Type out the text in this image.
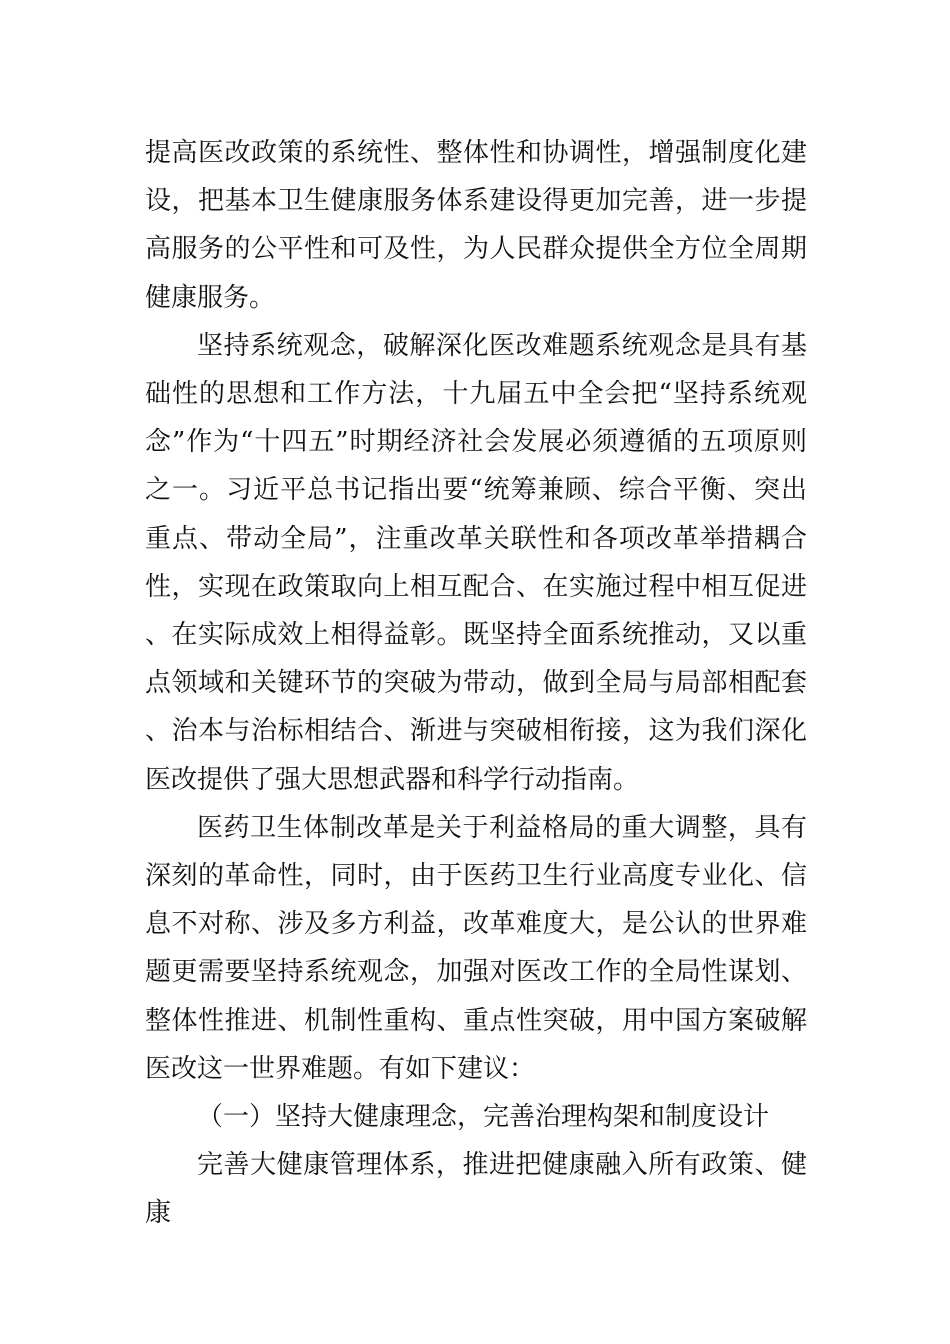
提高医改政策的系统性、整体性和协调性，增强制度化建设，把基本卫生健康服务体系建设得更加完善，进一步提高服务的公平性和可及性，为人民群众提供全方位全周期健康服务。

坚持系统观念，破解深化医改难题系统观念是具有基础性的思想和工作方法，十九届五中全会把“坚持系统观念”作为“十四五”时期经济社会发展必须遵循的五项原则之一。习近平总书记指出要“统筹兼顾、综合平衡、突出重点、带动全局”，注重改革关联性和各项改革举措耦合性，实现在政策取向上相互配合、在实施过程中相互促进、在实际成效上相得益彰。既坚持全面系统推动，又以重点领域和关键环节的突破为带动，做到全局与局部相配套、治本与治标相结合、渐进与突破相衔接，这为我们深化医改提供了强大思想武器和科学行动指南。

医药卫生体制改革是关于利益格局的重大调整，具有深刻的革命性，同时，由于医药卫生行业高度专业化、信息不对称、涉及多方利益，改革难度大，是公认的世界难题更需要坚持系统观念，加强对医改工作的全局性谋划、整体性推进、机制性重构、重点性突破，用中国方案破解医改这一世界难题。有如下建议：

（一）坚持大健康理念，完善治理构架和制度设计

完善大健康管理体系，推进把健康融入所有政策、健康
